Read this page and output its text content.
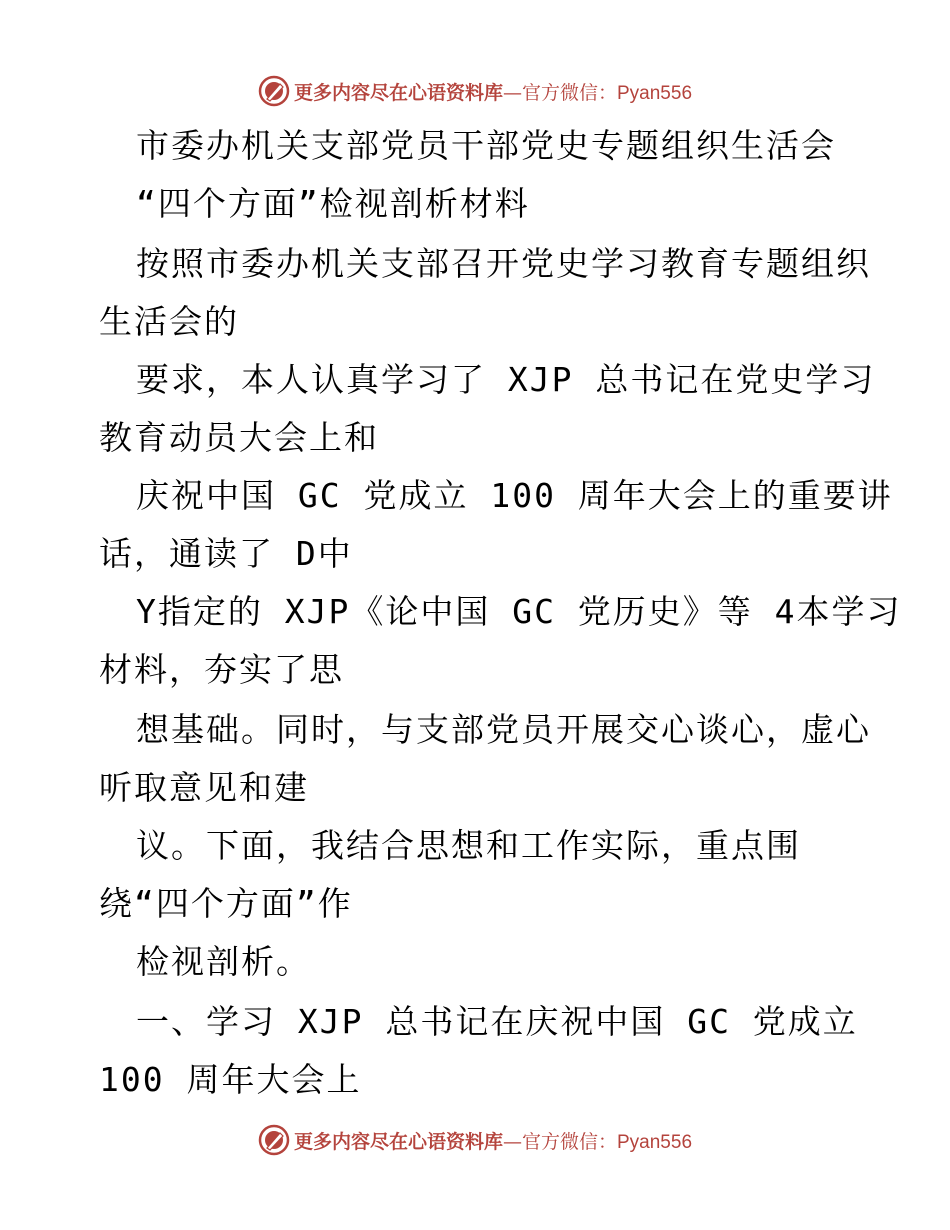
更多内容尽在心语资料库—官方微信：Pyan556
市委办机关支部党员干部党史专题组织生活会
“四个方面”检视剖析材料
按照市委办机关支部召开党史学习教育专题组织
生活会的
要求，本人认真学习了 XJP 总书记在党史学习
教育动员大会上和
庆祝中国 GC 党成立 100 周年大会上的重要讲
话，通读了 D中
Y指定的 XJP《论中国 GC 党历史》等 4本学习
材料，夯实了思
想基础。同时，与支部党员开展交心谈心，虚心
听取意见和建
议。下面，我结合思想和工作实际，重点围
绕“四个方面”作
检视剖析。
一、学习 XJP 总书记在庆祝中国 GC 党成立
100 周年大会上
更多内容尽在心语资料库—官方微信：Pyan556
